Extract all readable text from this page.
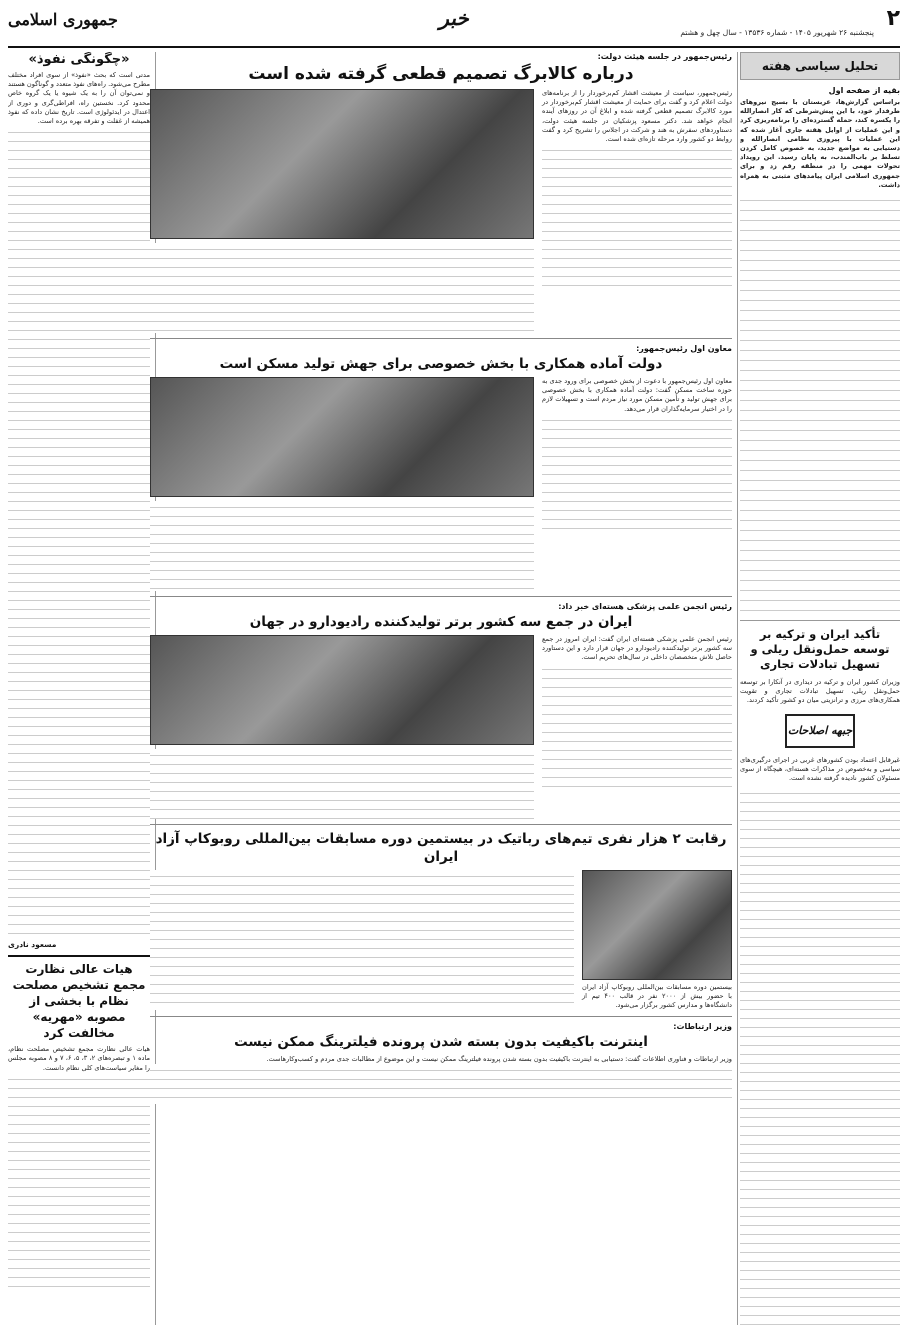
۲
پنجشنبه ۲۶ شهریور ۱۴۰۵ - شماره ۱۳۵۳۶ - سال چهل و هشتم
خبر
جمهوری اسلامی
تحلیل سیاسی هفته
بقیه از صفحه اول

براساس گزارش‌ها، عربستان با بسیج نیروهای طرفدار خود، با این پیش‌شرطی که کار انصارالله را یکسره کند، حمله گسترده‌ای را برنامه‌ریزی کرد و این عملیات از اوایل هفته جاری آغاز شده که این عملیات با پیروزی نظامی انصارالله و دستیابی به مواضع جدید، به خصوص کامل کردن تسلط بر باب‌المندب، به پایان رسید. این رویداد تحولات مهمی را در منطقه رقم زد و برای جمهوری اسلامی ایران پیامدهای مثبتی به همراه داشت.

تأکید ایران و ترکیه بر توسعه حمل‌ونقل ریلی و تسهیل تبادلات تجاری

وزیران کشور ایران و ترکیه در دیداری در آنکارا بر توسعه حمل‌ونقل ریلی، تسهیل تبادلات تجاری و تقویت همکاری‌های مرزی و ترانزیتی میان دو کشور تأکید کردند.

جبهه اصلاحات

غیرقابل اعتماد بودن کشورهای غربی در اجرای درگیری‌های سیاسی و به‌خصوص در مذاکرات هسته‌ای، هیچگاه از سوی مسئولان کشور نادیده گرفته نشده است.

رئیس‌جمهور در جلسه هیئت دولت:
درباره کالابرگ تصمیم قطعی گرفته شده است

رئیس‌جمهور، سیاست از معیشت اقشار کم‌برخوردار را از برنامه‌های دولت اعلام کرد و گفت برای حمایت از معیشت اقشار کم‌برخوردار در مورد کالابرگ تصمیم قطعی گرفته شده و ابلاغ آن در روزهای آینده انجام خواهد شد. دکتر مسعود پزشکیان در جلسه هیئت دولت، دستاوردهای سفرش به هند و شرکت در اجلاس را تشریح کرد و گفت روابط دو کشور وارد مرحله تازه‌ای شده است.

معاون اول رئیس‌جمهور:
دولت آماده همکاری با بخش خصوصی برای جهش تولید مسکن است

معاون اول رئیس‌جمهور با دعوت از بخش خصوصی برای ورود جدی به حوزه ساخت مسکن گفت: دولت آماده همکاری با بخش خصوصی برای جهش تولید و تأمین مسکن مورد نیاز مردم است و تسهیلات لازم را در اختیار سرمایه‌گذاران قرار می‌دهد.

رئیس انجمن علمی پزشکی هسته‌ای خبر داد:
ایران در جمع سه کشور برتر تولیدکننده رادیودارو در جهان

رئیس انجمن علمی پزشکی هسته‌ای ایران گفت: ایران امروز در جمع سه کشور برتر تولیدکننده رادیودارو در جهان قرار دارد و این دستاورد حاصل تلاش متخصصان داخلی در سال‌های تحریم است.

رقابت ۲ هزار نفری تیم‌های رباتیک در بیستمین دوره مسابقات بین‌المللی روبوکاپ آزاد ایران

بیستمین دوره مسابقات بین‌المللی روبوکاپ آزاد ایران با حضور بیش از ۲۰۰۰ نفر در قالب ۴۰۰ تیم از دانشگاه‌ها و مدارس کشور برگزار می‌شود.

وزیر ارتباطات:
اینترنت باکیفیت بدون بسته شدن پرونده فیلترینگ ممکن نیست

وزیر ارتباطات و فناوری اطلاعات گفت: دستیابی به اینترنت باکیفیت بدون بسته شدن پرونده فیلترینگ ممکن نیست و این موضوع از مطالبات جدی مردم و کسب‌وکارهاست.

«چگونگی نفوذ»

مدتی است که بحث «نفوذ» از سوی افراد مختلف مطرح می‌شود. راه‌های نفوذ متعدد و گوناگون هستند و نمی‌توان آن را به یک شیوه یا یک گروه خاص محدود کرد. نخستین راه، افراطی‌گری و دوری از اعتدال در ایدئولوژی است. تاریخ نشان داده که نفوذ همیشه از غفلت و تفرقه بهره برده است.

مسعود نادری
هیات عالی نظارت مجمع تشخیص مصلحت نظام با بخشی از مصوبه «مهریه» مخالفت کرد

هیات عالی نظارت مجمع تشخیص مصلحت نظام، ماده ۱ و تبصره‌های ۲، ۳، ۵، ۶، ۷ و ۸ مصوبه مجلس را مغایر سیاست‌های کلی نظام دانست.
